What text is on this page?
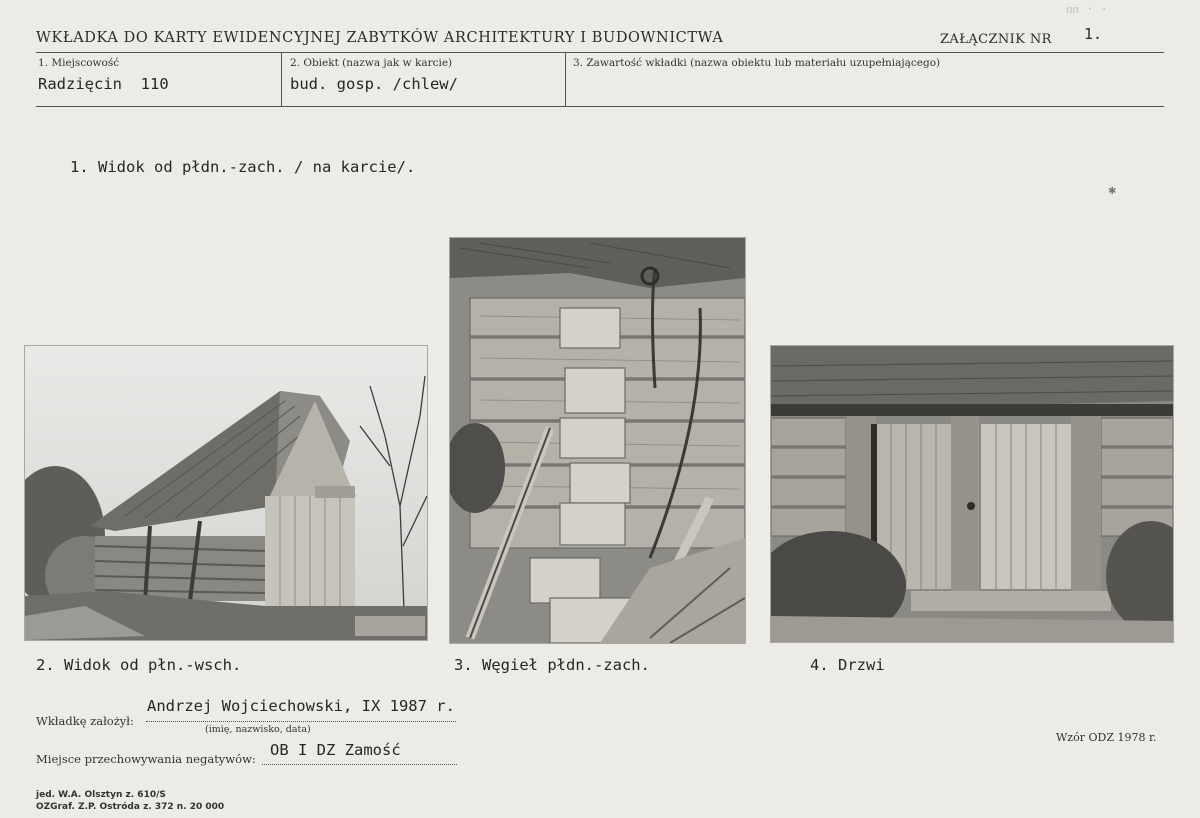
ᴨᴨ · ·
WKŁADKA DO KARTY EWIDENCYJNEJ ZABYTKÓW ARCHITEKTURY I BUDOWNICTWA	ZAŁĄCZNIK NR 1.
1. Miejscowość
Radzięcin  110
2. Obiekt (nazwa jak w karcie)
bud. gosp. /chlew/
3. Zawartość wkładki (nazwa obiektu lub materiału uzupełniającego)
1. Widok od płdn.-zach. / na karcie/.
✱
2. Widok od płn.-wsch.	3. Węgieł płdn.-zach.	4. Drzwi
Wkładkę założył:
Andrzej Wojciechowski, IX 1987 r.
(imię, nazwisko, data)
Miejsce przechowywania negatywów: OB I DZ Zamość
Wzór ODZ 1978 r.
jed. W.A. Olsztyn z. 610/S
OZGraf. Z.P. Ostróda z. 372 n. 20 000
